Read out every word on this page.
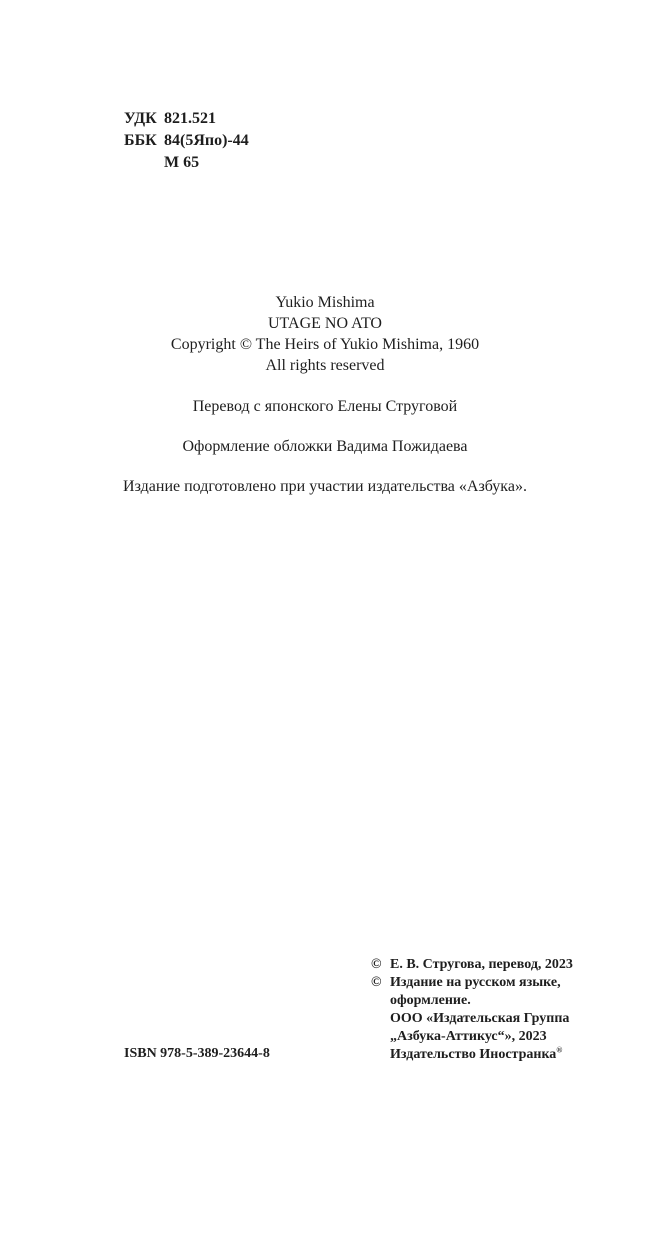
УДК 821.521
ББК 84(5Япо)-44
М 65
Yukio Mishima
UTAGE NO ATO
Copyright © The Heirs of Yukio Mishima, 1960
All rights reserved
Перевод с японского Елены Струговой
Оформление обложки Вадима Пожидаева
Издание подготовлено при участии издательства «Азбука».
© Е. В. Стругова, перевод, 2023
© Издание на русском языке,
оформление.
ООО «Издательская Группа
„Азбука-Аттикус“», 2023
Издательство Иностранка®
ISBN 978-5-389-23644-8
